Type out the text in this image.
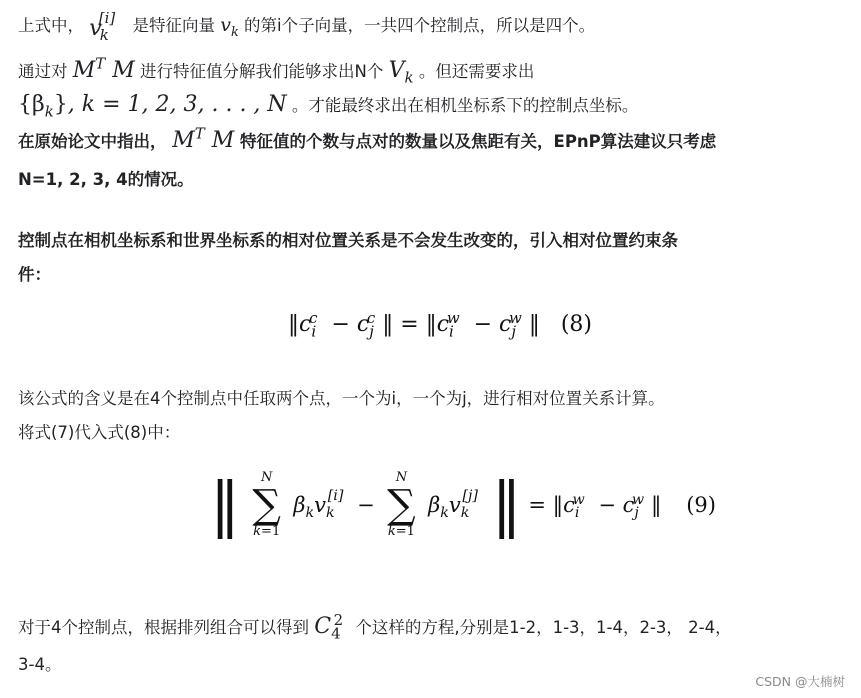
上式中， $v_k[i]$ 是特征向量 $v_k$ 的第i个子向量，一共四个控制点，所以是四个。
通过对 $M^T$ M 进行特征值分解我们能够求出N个 $V_k$ 。但还需要求出
$\{\beta_k\}$, k = 1, 2, 3, . . . , N 。才能最终求出在相机坐标系下的控制点坐标。
在原始论文中指出， $M^T$ M 特征值的个数与点对的数量以及焦距有关，EPnP算法建议只考虑
N=1, 2, 3, 4的情况。
控制点在相机坐标系和世界坐标系的相对位置关系是不会发生改变的，引入相对位置约束条
件：
$‖c_i^c - c_j^c$ ‖ = $‖c_i^w - c_j^w$ ‖ (8)
该公式的含义是在4个控制点中任取两个点，一个为i，一个为j，进行相对位置关系计算。
将式(7)代入式(8)中：
‖	N
∑
k=1
$\beta_kv_k[i]$ −
N
∑
k=1
$\beta_kv_k[j]$ ‖ = $‖c_i^w - c_j^w$ ‖ (9)
对于4个控制点，根据排列组合可以得到 $C_4^2$ 个这样的方程,分别是1-2，1-3，1-4，2-3， 2-4，
3-4。
CSDN @大楠树
